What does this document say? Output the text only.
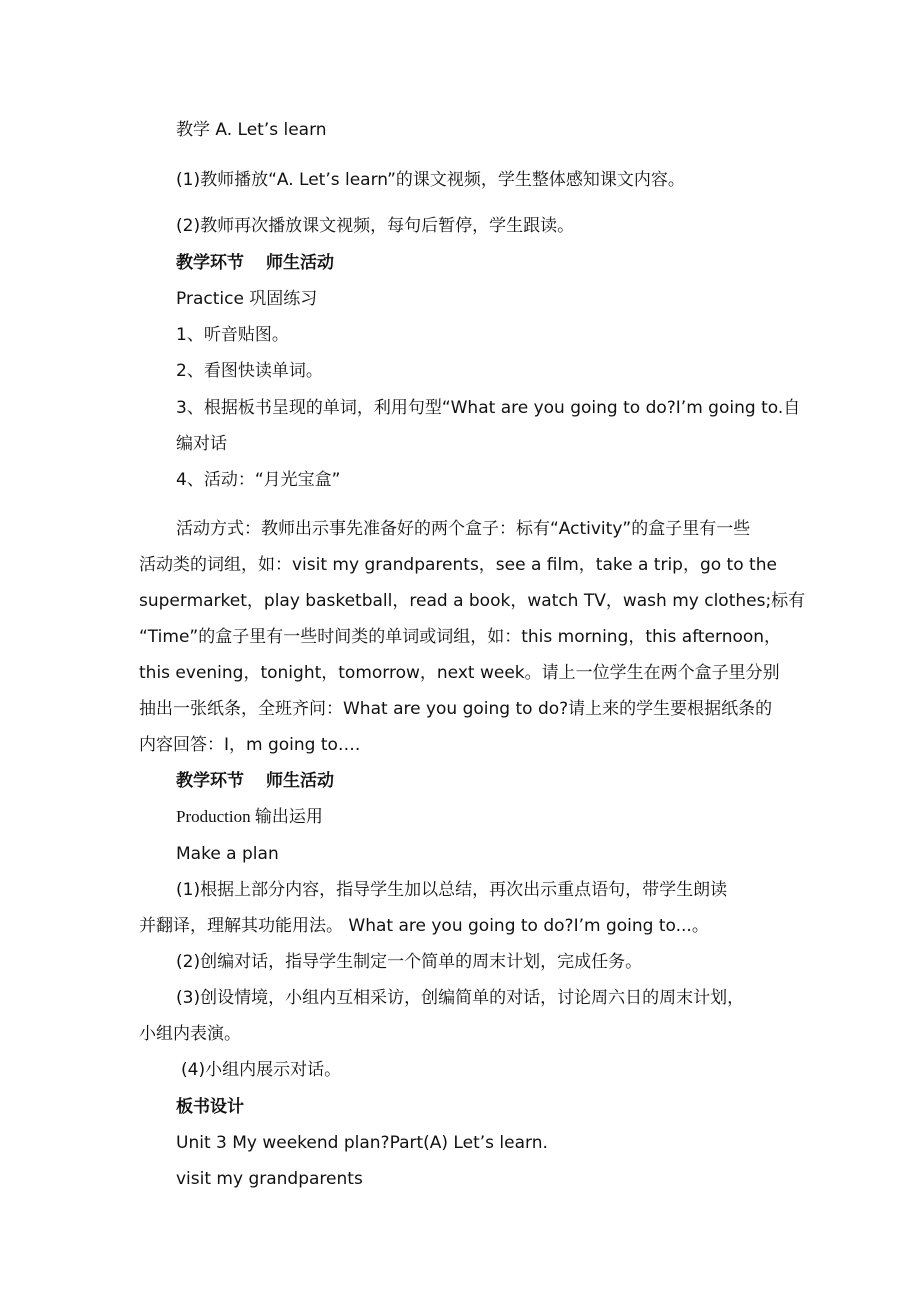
教学 A. Let’s learn
(1)教师播放“A. Let’s learn”的课文视频，学生整体感知课文内容。
(2)教师再次播放课文视频，每句后暂停，学生跟读。
教学环节 师生活动
Practice 巩固练习
1、听音贴图。
2、看图快读单词。
3、根据板书呈现的单词，利用句型“What are you going to do?I’m going to.自
编对话
4、活动：“月光宝盒”
活动方式：教师出示事先准备好的两个盒子：标有“Activity”的盒子里有一些
活动类的词组，如：visit my grandparents，see a film，take a trip，go to the
supermarket，play basketball，read a book，watch TV，wash my clothes;标有
“Time”的盒子里有一些时间类的单词或词组，如：this morning，this afternoon，
this evening，tonight，tomorrow，next week。请上一位学生在两个盒子里分别
抽出一张纸条，全班齐问：What are you going to do?请上来的学生要根据纸条的
内容回答：I，m going to….
教学环节 师生活动
Production 输出运用
Make a plan
(1)根据上部分内容，指导学生加以总结，再次出示重点语句，带学生朗读
并翻译，理解其功能用法。 What are you going to do?I’m going to...。
(2)创编对话，指导学生制定一个简单的周末计划，完成任务。
(3)创设情境，小组内互相采访，创编简单的对话，讨论周六日的周末计划，
小组内表演。
(4)小组内展示对话。
板书设计
Unit 3 My weekend plan?Part(A) Let’s learn.
visit my grandparents
